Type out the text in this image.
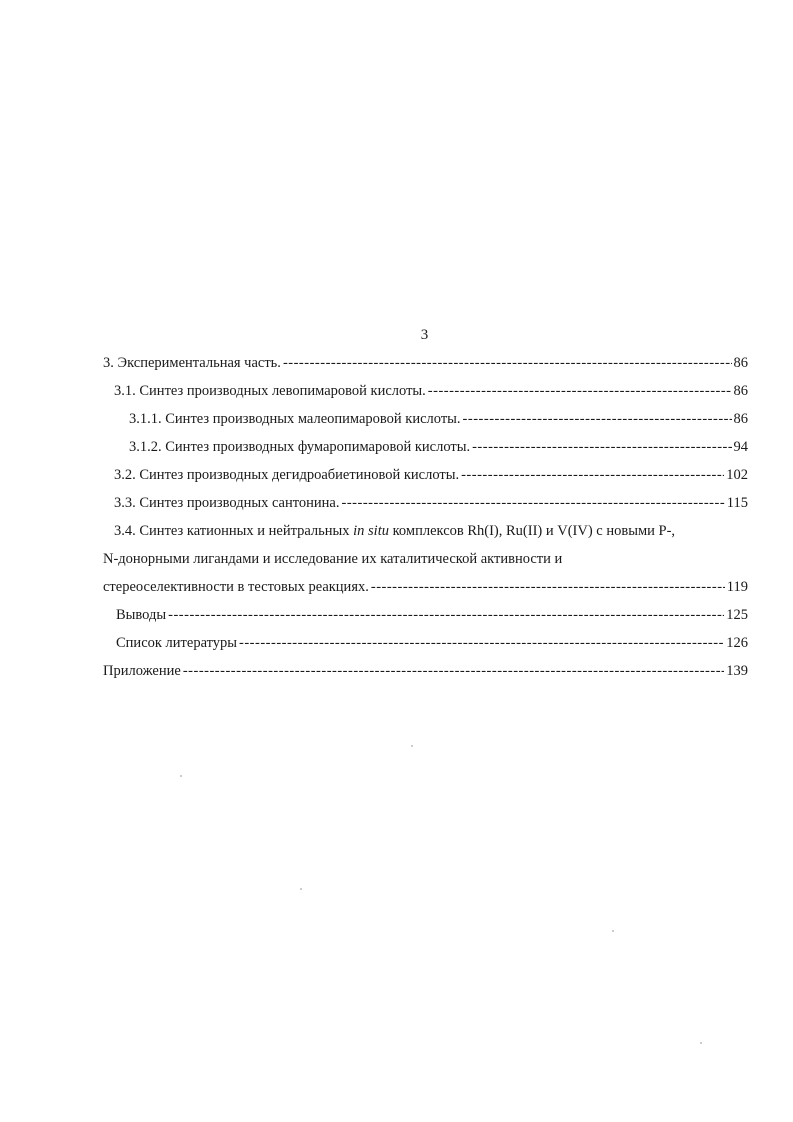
3
3. Экспериментальная часть. -----	86
3.1. Синтез производных левопимаровой кислоты. -----	86
3.1.1. Синтез производных малеопимаровой кислоты. -----	86
3.1.2. Синтез производных фумаропимаровой кислоты. -----	94
3.2. Синтез производных дегидроабиетиновой кислоты. -----	102
3.3. Синтез производных сантонина. -----	115
3.4. Синтез катионных и нейтральных in situ комплексов Rh(I), Ru(II) и V(IV) с новыми P-,
N-донорными лигандами и исследование их каталитической активности и
стереоселективности в тестовых реакциях. -----	119
Выводы -----	125
Список литературы -----	126
Приложение -----	139
